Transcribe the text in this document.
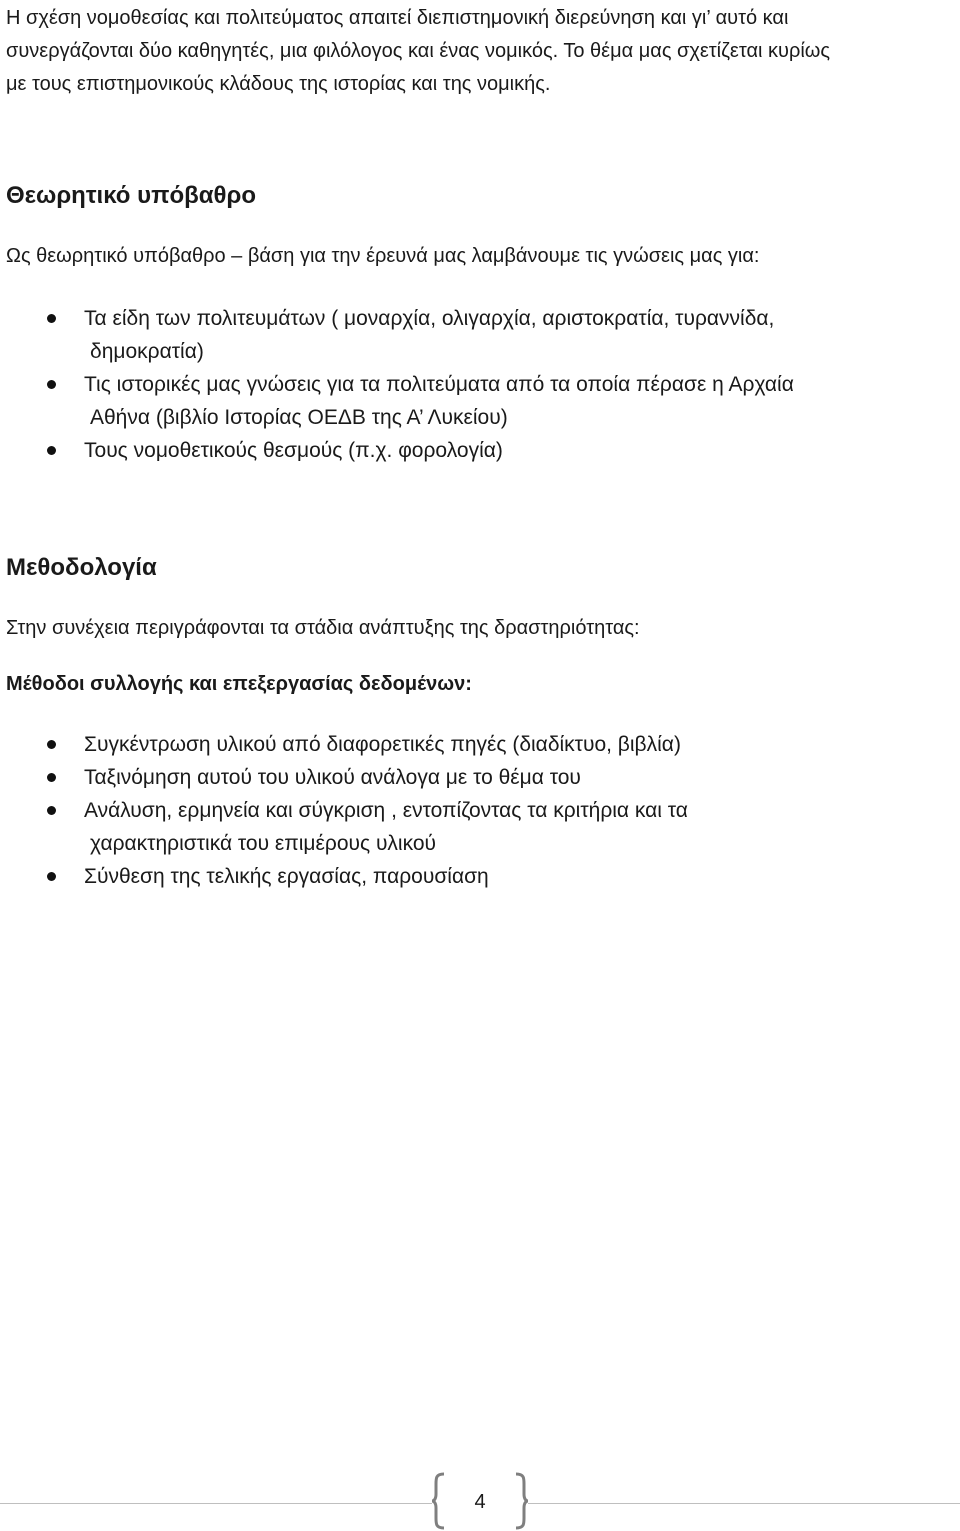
Η σχέση νομοθεσίας και πολιτεύματος απαιτεί διεπιστημονική διερεύνηση και γι’ αυτό και
συνεργάζονται δύο καθηγητές, μια φιλόλογος και ένας νομικός. Το θέμα μας σχετίζεται κυρίως
με τους επιστημονικούς κλάδους της ιστορίας και της νομικής.
Θεωρητικό υπόβαθρο

Ως θεωρητικό υπόβαθρο – βάση για την έρευνά μας λαμβάνουμε τις γνώσεις μας για:

Τα είδη των πολιτευμάτων ( μοναρχία, ολιγαρχία, αριστοκρατία, τυραννίδα,
δημοκρατία)
Τις ιστορικές μας γνώσεις για τα πολιτεύματα από τα οποία πέρασε η Αρχαία
Αθήνα (βιβλίο Ιστορίας ΟΕΔΒ της Α’ Λυκείου)
Τους νομοθετικούς θεσμούς (π.χ. φορολογία)
Μεθοδολογία

Στην συνέχεια περιγράφονται τα στάδια ανάπτυξης της δραστηριότητας:

Μέθοδοι συλλογής και επεξεργασίας δεδομένων:

Συγκέντρωση υλικού από διαφορετικές πηγές (διαδίκτυο, βιβλία)
Ταξινόμηση αυτού του υλικού ανάλογα με το θέμα του
Ανάλυση, ερμηνεία και σύγκριση , εντοπίζοντας τα κριτήρια και τα
χαρακτηριστικά του επιμέρους υλικού
Σύνθεση της τελικής εργασίας, παρουσίαση
4
